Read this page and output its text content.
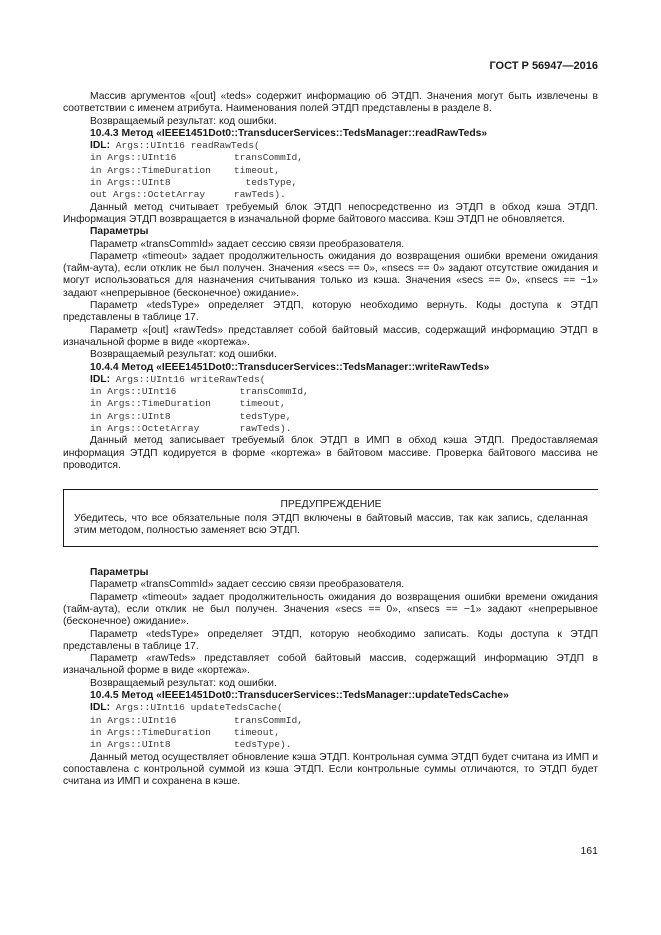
ГОСТ Р 56947—2016

Массив аргументов «[out] «teds» содержит информацию об ЭТДП. Значения могут быть извлечены в соответствии с именем атрибута. Наименования полей ЭТДП представлены в разделе 8.

Возвращаемый результат: код ошибки.

10.4.3 Метод «IEEE1451Dot0::TransducerServices::TedsManager::readRawTeds»

IDL: Args::UInt16 readRawTeds(

in Args::UInt16          transCommId,

in Args::TimeDuration    timeout,

in Args::UInt8             tedsType,

out Args::OctetArray     rawTeds).

Данный метод считывает требуемый блок ЭТДП непосредственно из ЭТДП в обход кэша ЭТДП. Информация ЭТДП возвращается в изначальной форме байтового массива. Кэш ЭТДП не обновляется.

Параметры

Параметр «transCommId» задает сессию связи преобразователя.

Параметр «timeout» задает продолжительность ожидания до возвращения ошибки времени ожидания (тайм-аута), если отклик не был получен. Значения «secs == 0», «nsecs == 0» задают отсутствие ожидания и могут использоваться для назначения считывания только из кэша. Значения «secs == 0», «nsecs == −1» задают «непрерывное (бесконечное) ожидание».

Параметр «tedsType» определяет ЭТДП, которую необходимо вернуть. Коды доступа к ЭТДП представлены в таблице 17.

Параметр «[out] «rawTeds» представляет собой байтовый массив, содержащий информацию ЭТДП в изначальной форме в виде «кортежа».

Возвращаемый результат: код ошибки.

10.4.4 Метод «IEEE1451Dot0::TransducerServices::TedsManager::writeRawTeds»

IDL: Args::UInt16 writeRawTeds(

in Args::UInt16           transCommId,

in Args::TimeDuration     timeout,

in Args::UInt8            tedsType,

in Args::OctetArray       rawTeds).

Данный метод записывает требуемый блок ЭТДП в ИМП в обход кэша ЭТДП. Предоставляемая информация ЭТДП кодируется в форме «кортежа» в байтовом массиве. Проверка байтового массива не проводится.

ПРЕДУПРЕЖДЕНИЕ

Убедитесь, что все обязательные поля ЭТДП включены в байтовый массив, так как запись, сделанная этим методом, полностью заменяет всю ЭТДП.

Параметры

Параметр «transCommId» задает сессию связи преобразователя.

Параметр «timeout» задает продолжительность ожидания до возвращения ошибки времени ожидания (тайм-аута), если отклик не был получен. Значения «secs == 0», «nsecs == −1» задают «непрерывное (бесконечное) ожидание».

Параметр «tedsType» определяет ЭТДП, которую необходимо записать. Коды доступа к ЭТДП представлены в таблице 17.

Параметр «rawTeds» представляет собой байтовый массив, содержащий информацию ЭТДП в изначальной форме в виде «кортежа».

Возвращаемый результат: код ошибки.

10.4.5 Метод «IEEE1451Dot0::TransducerServices::TedsManager::updateTedsCache»

IDL: Args::UInt16 updateTedsCache(

in Args::UInt16          transCommId,

in Args::TimeDuration    timeout,

in Args::UInt8           tedsType).

Данный метод осуществляет обновление кэша ЭТДП. Контрольная сумма ЭТДП будет считана из ИМП и сопоставлена с контрольной суммой из кэша ЭТДП. Если контрольные суммы отличаются, то ЭТДП будет считана из ИМП и сохранена в кэше.

161
